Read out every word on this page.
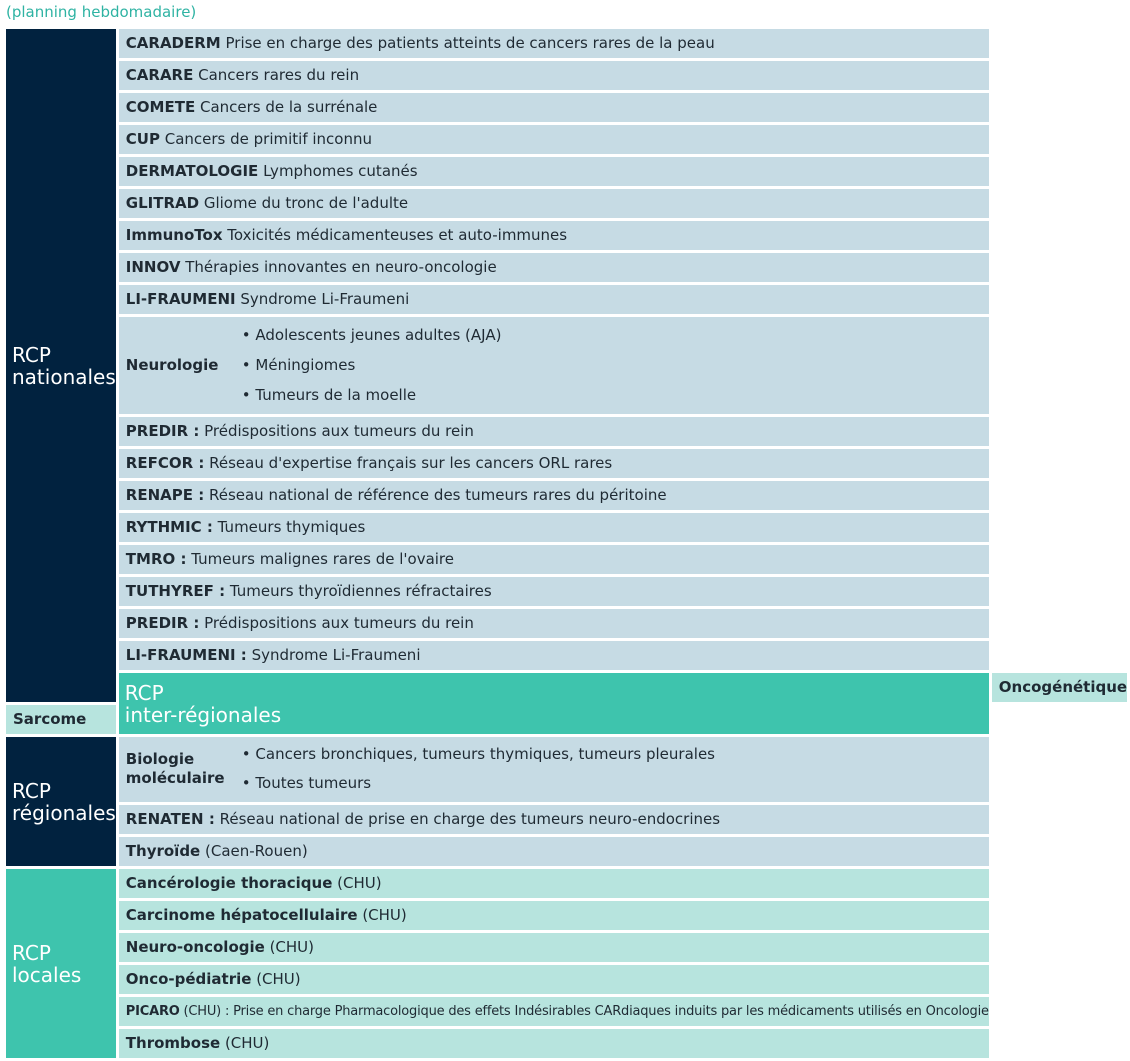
(planning hebdomadaire)
RCP nationales	CARADERM Prise en charge des patients atteints de cancers rares de la peau	
	CARARE Cancers rares du rein	
	COMETE Cancers de la surrénale	
	CUP Cancers de primitif inconnu	
	DERMATOLOGIE Lymphomes cutanés	
	GLITRAD Gliome du tronc de l'adulte	
	ImmunoTox Toxicités médicamenteuses et auto-immunes	
	INNOV Thérapies innovantes en neuro-oncologie	
	LI-FRAUMENI Syndrome Li-Fraumeni	

	Neurologie
• Adolescents jeunes adultes (AJA)
• Méningiomes
• Tumeurs de la moelle	

	PREDIR : Prédispositions aux tumeurs du rein	
	REFCOR : Réseau d'expertise français sur les cancers ORL rares	
	RENAPE : Réseau national de référence des tumeurs rares du péritoine	
	RYTHMIC : Tumeurs thymiques	
	TMRO : Tumeurs malignes rares de l'ovaire	
	TUTHYREF : Tumeurs thyroïdiennes réfractaires	
	PREDIR : Prédispositions aux tumeurs du rein	
	LI-FRAUMENI : Syndrome Li-Fraumeni	

	RCP
inter-régionales	Oncogénétique
Sarcome		

RCP régionales	Biologie
moléculaire
• Cancers bronchiques, tumeurs thymiques, tumeurs pleurales
• Toutes tumeurs	

	RENATEN : Réseau national de prise en charge des tumeurs neuro-endocrines	
	Thyroïde (Caen-Rouen)	

RCP locales	Cancérologie thoracique (CHU)	
	Carcinome hépatocellulaire (CHU)	
	Neuro-oncologie (CHU)	
	Onco-pédiatrie (CHU)	
	PICARO (CHU) : Prise en charge Pharmacologique des effets Indésirables CARdiaques induits par les médicaments utilisés en Oncologie	
	Thrombose (CHU)	
